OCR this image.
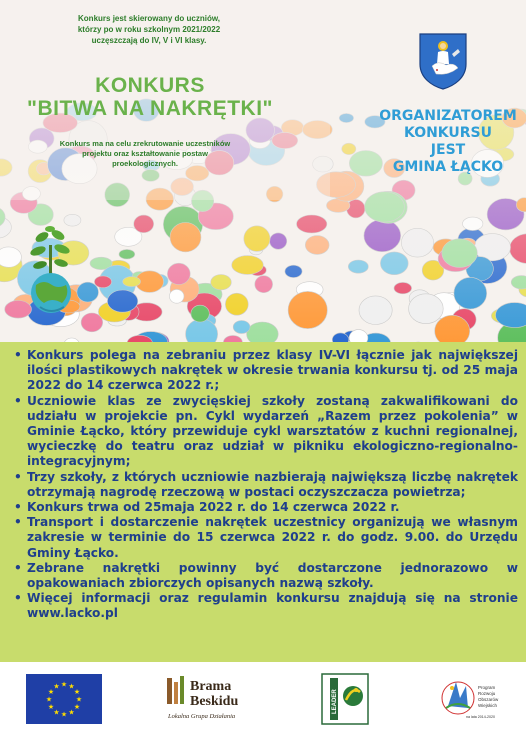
Konkurs jest skierowany do uczniów,
którzy po w roku szkolnym 2021/2022
uczęszczają do IV, V i VI klasy.
KONKURS
"BITWA NA NAKRĘTKI"
Konkurs ma na celu zrekrutowanie uczestników
projektu oraz kształtowanie postaw
proekologicznych.
ORGANIZATOREM
KONKURSU
JEST
GMINA ŁĄCKO
• Konkurs polega na zebraniu przez klasy IV-VI łącznie jak największej ilości plastikowych nakrętek w okresie trwania konkursu tj. od 25 maja 2022 do 14 czerwca 2022 r.;
• Uczniowie klas ze zwycięskiej szkoły zostaną zakwalifikowani do udziału w projekcie pn. Cykl wydarzeń „Razem przez pokolenia” w Gminie Łącko, który przewiduje cykl warsztatów z kuchni regionalnej, wycieczkę do teatru oraz udział w pikniku ekologiczno-regionalno-integracyjnym;
• Trzy szkoły, z których uczniowie nazbierają największą liczbę nakrętek otrzymają nagrodę rzeczową w postaci oczyszczacza powietrza;
• Konkurs trwa od 25maja 2022 r. do 14 czerwca 2022 r.
• Transport i dostarczenie nakrętek uczestnicy organizują we własnym zakresie w terminie do 15 czerwca 2022 r. do godz. 9.00. do Urzędu Gminy Łącko.
• Zebrane nakrętki powinny być dostarczone jednorazowo w opakowaniach zbiorczych opisanych nazwą szkoły.
• Więcej informacji oraz regulamin konkursu znajdują się na stronie www.lacko.pl
★ ★
★
★
★
★
★
★
★
★
★
★	Brama
Beskidu
Lokalna Grupa Działania
LEADER
Program
Rozwoju
Obszarów
Wiejskich
na lata 2014-2020
